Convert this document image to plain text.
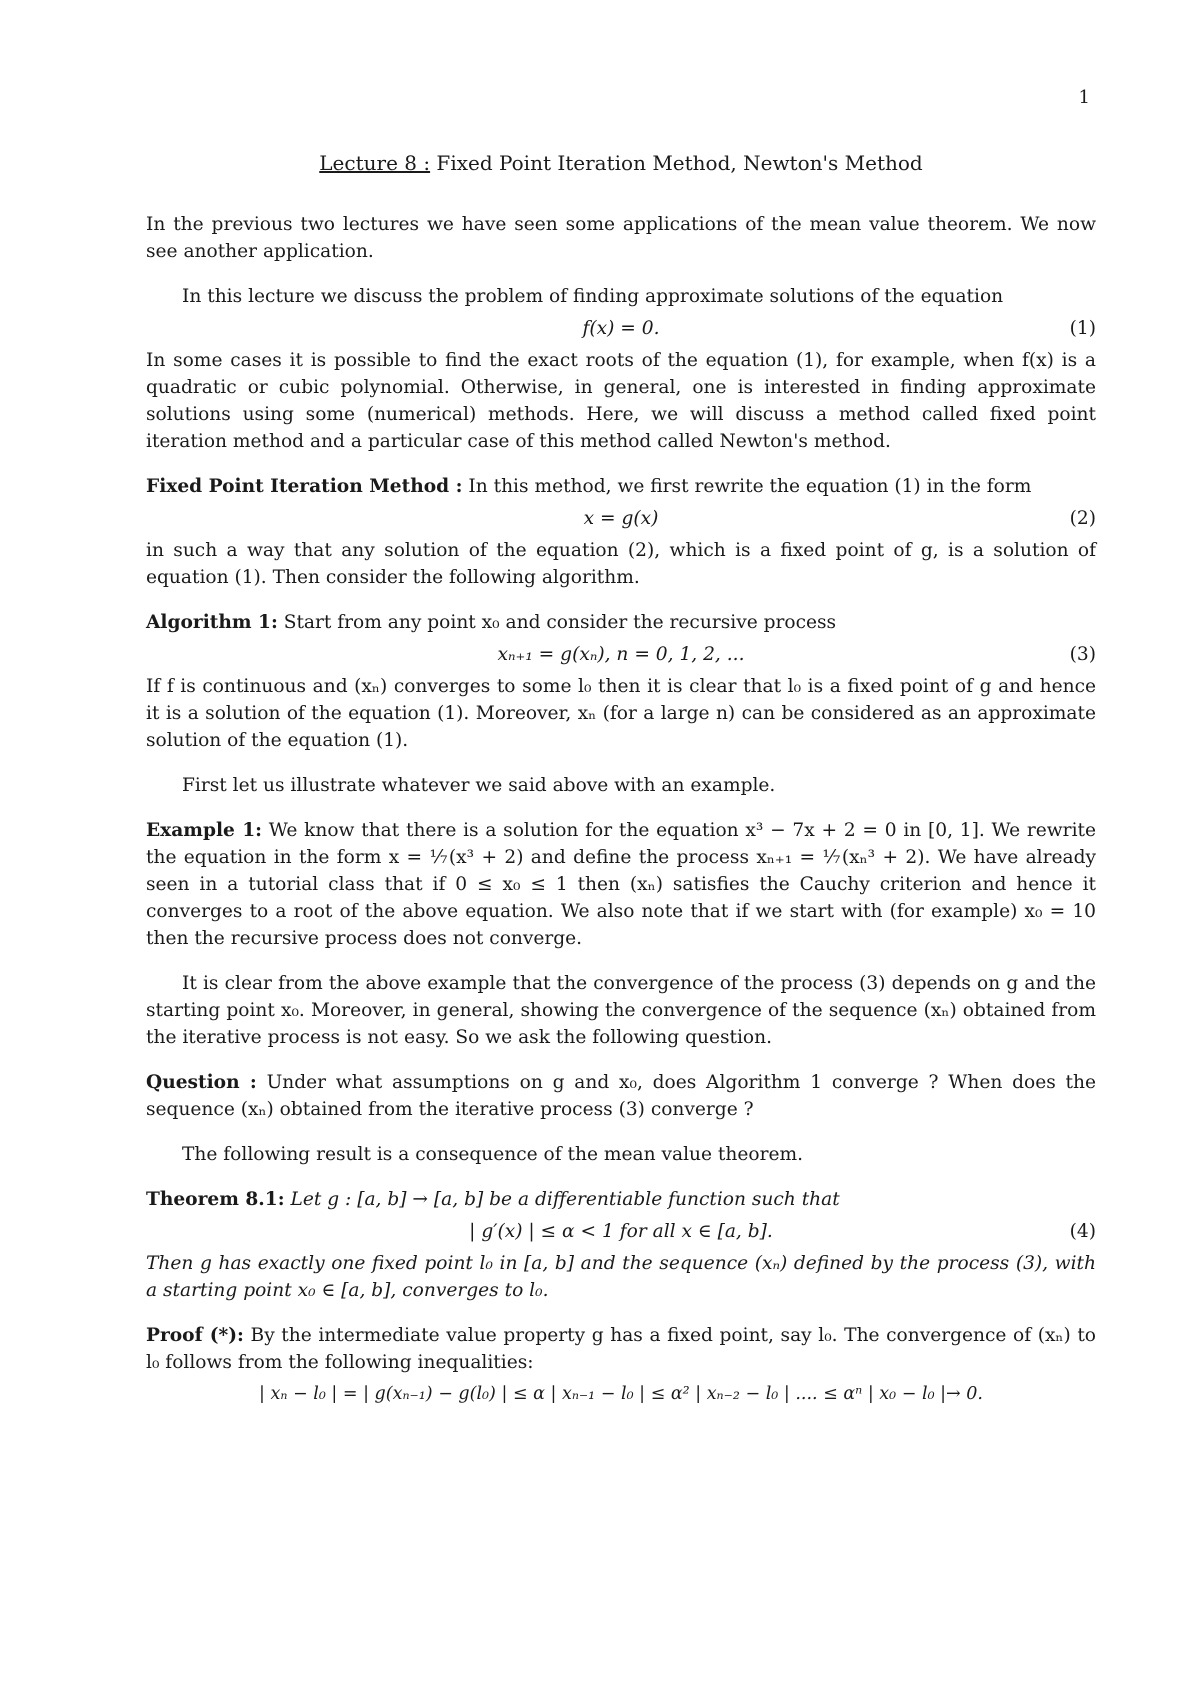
1
Lecture 8 : Fixed Point Iteration Method, Newton's Method

In the previous two lectures we have seen some applications of the mean value theorem. We now see another application.

In this lecture we discuss the problem of finding approximate solutions of the equation

f(x) = 0.	(1)

In some cases it is possible to find the exact roots of the equation (1), for example, when f(x) is a quadratic or cubic polynomial. Otherwise, in general, one is interested in finding approximate solutions using some (numerical) methods. Here, we will discuss a method called fixed point iteration method and a particular case of this method called Newton's method.

Fixed Point Iteration Method : In this method, we first rewrite the equation (1) in the form

x = g(x)	(2)

in such a way that any solution of the equation (2), which is a fixed point of g, is a solution of equation (1). Then consider the following algorithm.

Algorithm 1: Start from any point x₀ and consider the recursive process

xₙ₊₁ = g(xₙ), n = 0, 1, 2, ...	(3)

If f is continuous and (xₙ) converges to some l₀ then it is clear that l₀ is a fixed point of g and hence it is a solution of the equation (1). Moreover, xₙ (for a large n) can be considered as an approximate solution of the equation (1).

First let us illustrate whatever we said above with an example.

Example 1: We know that there is a solution for the equation x³ − 7x + 2 = 0 in [0, 1]. We rewrite the equation in the form x = ⅐(x³ + 2) and define the process xₙ₊₁ = ⅐(xₙ³ + 2). We have already seen in a tutorial class that if 0 ≤ x₀ ≤ 1 then (xₙ) satisfies the Cauchy criterion and hence it converges to a root of the above equation. We also note that if we start with (for example) x₀ = 10 then the recursive process does not converge.

It is clear from the above example that the convergence of the process (3) depends on g and the starting point x₀. Moreover, in general, showing the convergence of the sequence (xₙ) obtained from the iterative process is not easy. So we ask the following question.

Question : Under what assumptions on g and x₀, does Algorithm 1 converge ? When does the sequence (xₙ) obtained from the iterative process (3) converge ?

The following result is a consequence of the mean value theorem.

Theorem 8.1: Let g : [a, b] → [a, b] be a differentiable function such that

| g′(x) | ≤ α < 1 for all x ∈ [a, b].	(4)

Then g has exactly one fixed point l₀ in [a, b] and the sequence (xₙ) defined by the process (3), with a starting point x₀ ∈ [a, b], converges to l₀.

Proof (*): By the intermediate value property g has a fixed point, say l₀. The convergence of (xₙ) to l₀ follows from the following inequalities:

| xₙ − l₀ | = | g(xₙ₋₁) − g(l₀) | ≤ α | xₙ₋₁ − l₀ | ≤ α² | xₙ₋₂ − l₀ | .... ≤ αⁿ | x₀ − l₀ |→ 0.
